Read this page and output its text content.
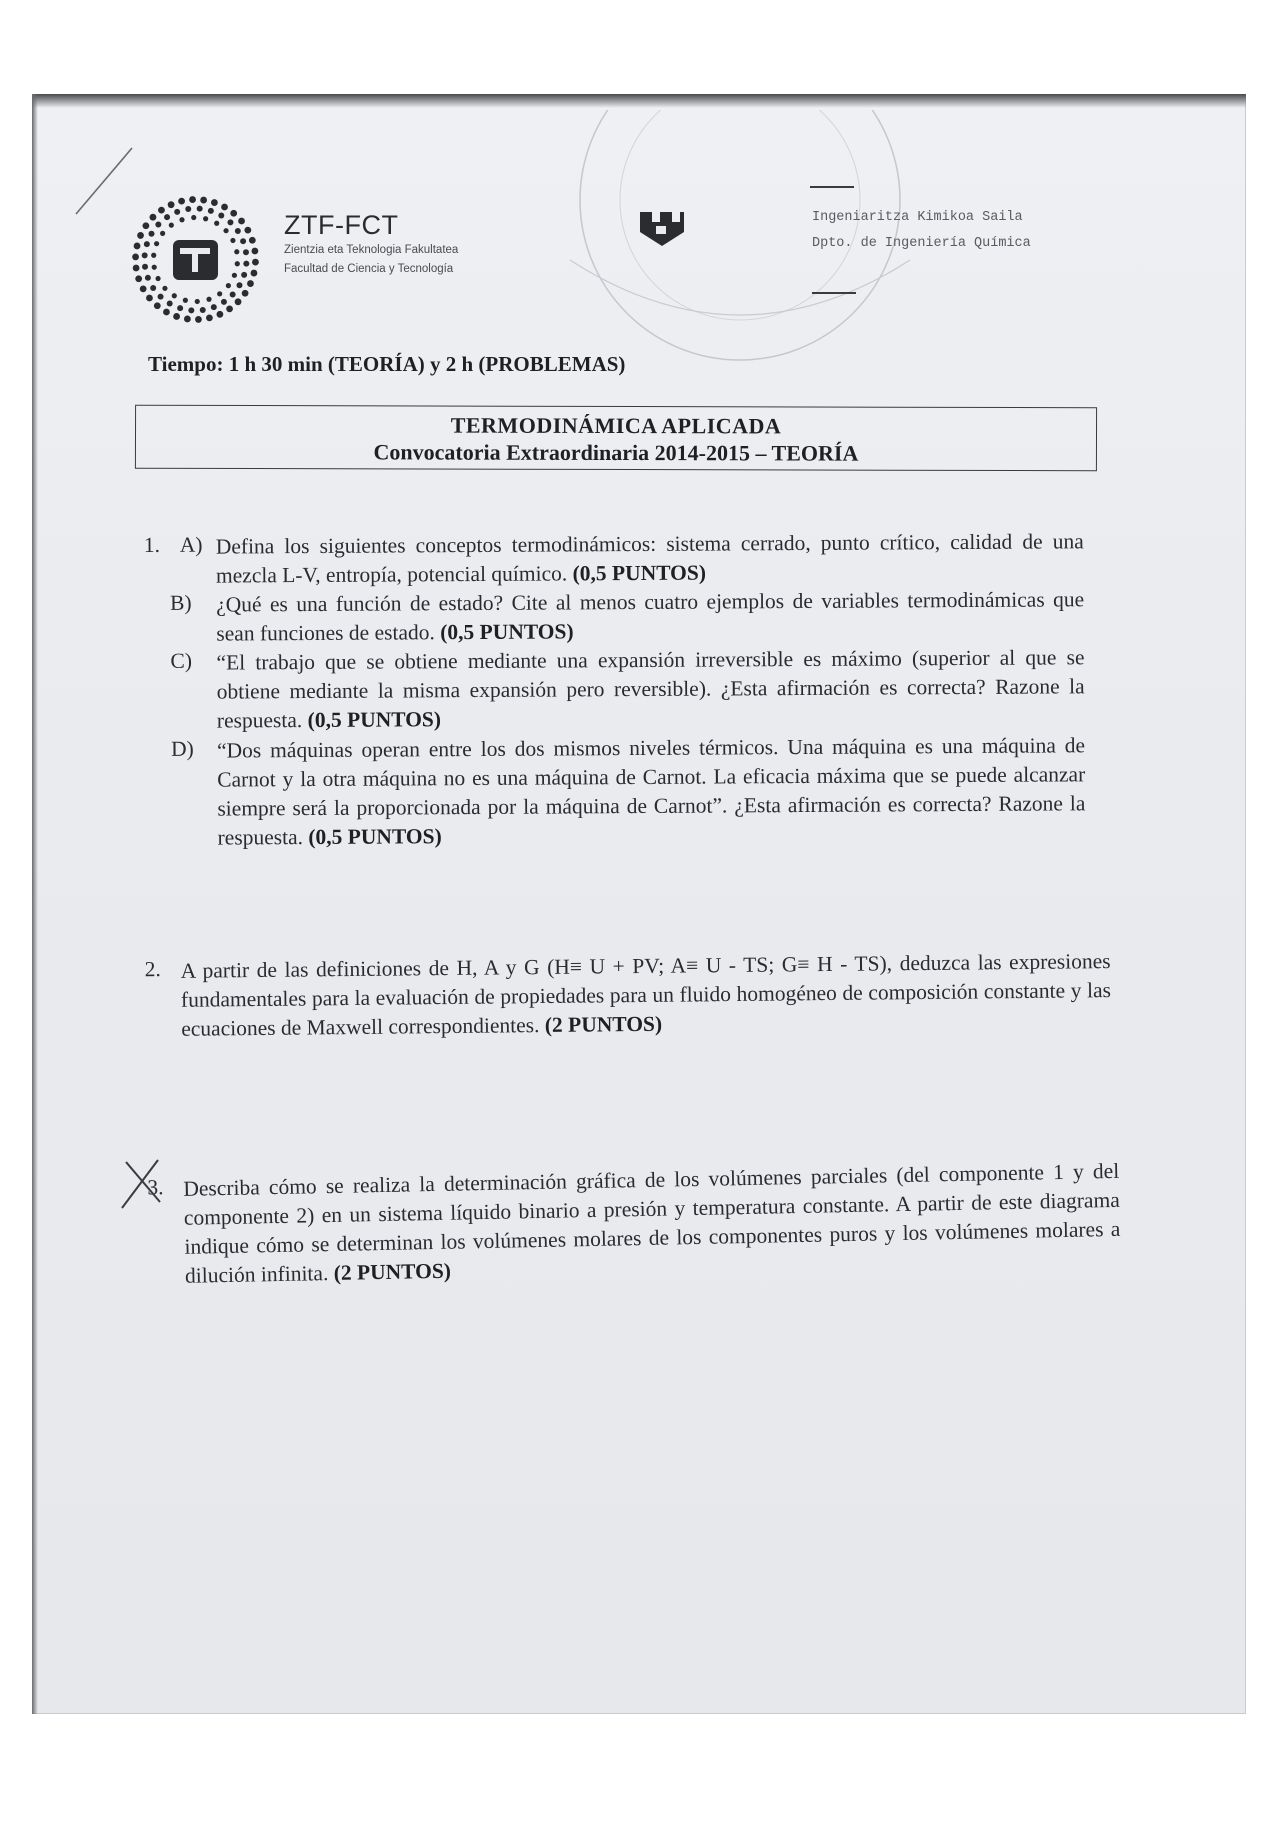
ZTF-FCT
Zientzia eta Teknologia Fakultatea
Facultad de Ciencia y Tecnología
Ingeniaritza Kimikoa Saila
Dpto. de Ingeniería Química
Tiempo: 1 h 30 min (TEORÍA) y 2 h (PROBLEMAS)
TERMODINÁMICA APLICADA
Convocatoria Extraordinaria 2014-2015 – TEORÍA
1. A) Defina los siguientes conceptos termodinámicos: sistema cerrado, punto crítico, calidad de una mezcla L-V, entropía, potencial químico. (0,5 PUNTOS)
B) ¿Qué es una función de estado? Cite al menos cuatro ejemplos de variables termodinámicas que sean funciones de estado. (0,5 PUNTOS)
C) “El trabajo que se obtiene mediante una expansión irreversible es máximo (superior al que se obtiene mediante la misma expansión pero reversible). ¿Esta afirmación es correcta? Razone la respuesta. (0,5 PUNTOS)
D) “Dos máquinas operan entre los dos mismos niveles térmicos. Una máquina es una máquina de Carnot y la otra máquina no es una máquina de Carnot. La eficacia máxima que se puede alcanzar siempre será la proporcionada por la máquina de Carnot”. ¿Esta afirmación es correcta? Razone la respuesta. (0,5 PUNTOS)
2. A partir de las definiciones de H, A y G (H≡ U + PV; A≡ U - TS; G≡ H - TS), deduzca las expresiones fundamentales para la evaluación de propiedades para un fluido homogéneo de composición constante y las ecuaciones de Maxwell correspondientes. (2 PUNTOS)
3. Describa cómo se realiza la determinación gráfica de los volúmenes parciales (del componente 1 y del componente 2) en un sistema líquido binario a presión y temperatura constante. A partir de este diagrama indique cómo se determinan los volúmenes molares de los componentes puros y los volúmenes molares a dilución infinita. (2 PUNTOS)
